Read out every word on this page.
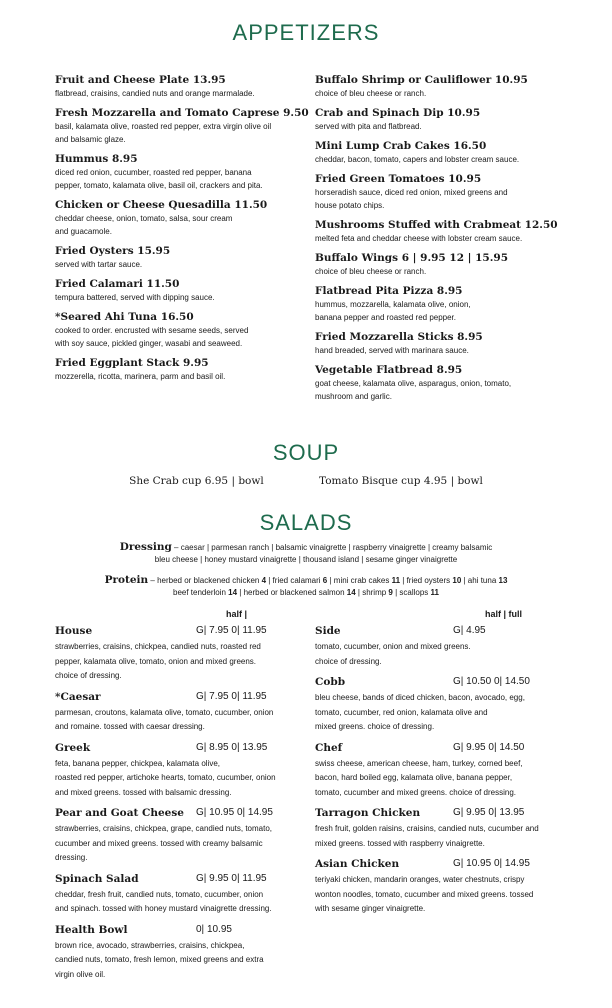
APPETIZERS
Fruit and Cheese Plate 13.95
flatbread, craisins, candied nuts and orange marmalade.
Fresh Mozzarella and Tomato Caprese 9.50
basil, kalamata olive, roasted red pepper, extra virgin olive oil
and balsamic glaze.
Hummus 8.95
diced red onion, cucumber, roasted red pepper, banana
pepper, tomato, kalamata olive, basil oil, crackers and pita.
Chicken or Cheese Quesadilla 11.50
cheddar cheese, onion, tomato, salsa, sour cream
and guacamole.
Fried Oysters 15.95
served with tartar sauce.
Fried Calamari 11.50
tempura battered, served with dipping sauce.
*Seared Ahi Tuna 16.50
cooked to order. encrusted with sesame seeds, served
with soy sauce, pickled ginger, wasabi and seaweed.
Fried Eggplant Stack 9.95
mozzerella, ricotta, marinera, parm and basil oil.
Buffalo Shrimp or Cauliflower 10.95
choice of bleu cheese or ranch.
Crab and Spinach Dip 10.95
served with pita and flatbread.
Mini Lump Crab Cakes 16.50
cheddar, bacon, tomato, capers and lobster cream sauce.
Fried Green Tomatoes 10.95
horseradish sauce, diced red onion, mixed greens and
house potato chips.
Mushrooms Stuffed with Crabmeat 12.50
melted feta and cheddar cheese with lobster cream sauce.
Buffalo Wings 6 | 9.95 12 | 15.95
choice of bleu cheese or ranch.
Flatbread Pita Pizza 8.95
hummus, mozzarella, kalamata olive, onion,
banana pepper and roasted red pepper.
Fried Mozzarella Sticks 8.95
hand breaded, served with marinara sauce.
Vegetable Flatbread 8.95
goat cheese, kalamata olive, asparagus, onion, tomato,
mushroom and garlic.
SOUP
She Crab cup 6.95 | bowl	Tomato Bisque cup 4.95 | bowl
SALADS
Dressing – caesar | parmesan ranch | balsamic vinaigrette | raspberry vinaigrette | creamy balsamic
bleu cheese | honey mustard vinaigrette | thousand island | sesame ginger vinaigrette
Protein – herbed or blackened chicken 4 | fried calamari 6 | mini crab cakes 11 | fried oysters 10 | ahi tuna 13
beef tenderloin 14 | herbed or blackened salmon 14 | shrimp 9 | scallops 11
half |	half | full
House	G| 7.95 0| 11.95
strawberries, craisins, chickpea, candied nuts, roasted red
pepper, kalamata olive, tomato, onion and mixed greens.
choice of dressing.
*Caesar	G| 7.95 0| 11.95
parmesan, croutons, kalamata olive, tomato, cucumber, onion
and romaine. tossed with caesar dressing.
Greek	G| 8.95 0| 13.95
feta, banana pepper, chickpea, kalamata olive,
roasted red pepper, artichoke hearts, tomato, cucumber, onion
and mixed greens. tossed with balsamic dressing.
Pear and Goat Cheese G| 10.95 0| 14.95
strawberries, craisins, chickpea, grape, candied nuts, tomato,
cucumber and mixed greens. tossed with creamy balsamic
dressing.
Spinach Salad	G| 9.95 0| 11.95
cheddar, fresh fruit, candied nuts, tomato, cucumber, onion
and spinach. tossed with honey mustard vinaigrette dressing.
Health Bowl	0| 10.95
brown rice, avocado, strawberries, craisins, chickpea,
candied nuts, tomato, fresh lemon, mixed greens and extra
virgin olive oil.
Side	G| 4.95
tomato, cucumber, onion and mixed greens.
choice of dressing.
Cobb	G| 10.50 0| 14.50
bleu cheese, bands of diced chicken, bacon, avocado, egg,
tomato, cucumber, red onion, kalamata olive and
mixed greens. choice of dressing.
Chef	G| 9.95 0| 14.50
swiss cheese, american cheese, ham, turkey, corned beef,
bacon, hard boiled egg, kalamata olive, banana pepper,
tomato, cucumber and mixed greens. choice of dressing.
Tarragon Chicken	G| 9.95 0| 13.95
fresh fruit, golden raisins, craisins, candied nuts, cucumber and
mixed greens. tossed with raspberry vinaigrette.
Asian Chicken	G| 10.95 0| 14.95
teriyaki chicken, mandarin oranges, water chestnuts, crispy
wonton noodles, tomato, cucumber and mixed greens. tossed
with sesame ginger vinaigrette.
